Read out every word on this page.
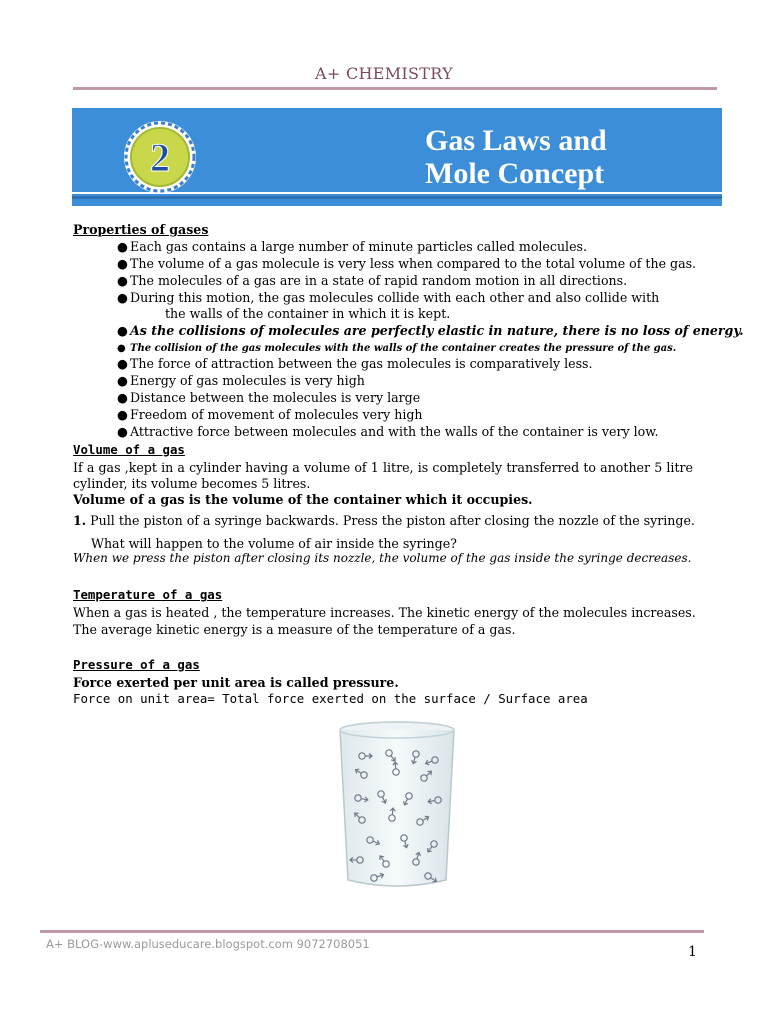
A+ CHEMISTRY
2	Gas Laws and
Mole Concept
Properties of gases
● Each gas contains a large number of minute particles called molecules.
● The volume of a gas molecule is very less when compared to the total volume of the gas.
● The molecules of a gas are in a state of rapid random motion in all directions.
● During this motion, the gas molecules collide with each other and also collide with
the walls of the container in which it is kept.
● As the collisions of molecules are perfectly elastic in nature, there is no loss of energy.
● The collision of the gas molecules with the walls of the container creates the pressure of the gas.
● The force of attraction between the gas molecules is comparatively less.
● Energy of gas molecules is very high
● Distance between the molecules is very large
● Freedom of movement of molecules very high
● Attractive force between molecules and with the walls of the container is very low.
Volume of a gas
If a gas ,kept in a cylinder having a volume of 1 litre, is completely transferred to another 5 litre
cylinder, its volume becomes 5 litres.
Volume of a gas is the volume of the container which it occupies.
1. Pull the piston of a syringe backwards. Press the piston after closing the nozzle of the syringe.
What will happen to the volume of air inside the syringe?
When we press the piston after closing its nozzle, the volume of the gas inside the syringe decreases.
Temperature of a gas
When a gas is heated , the temperature increases. The kinetic energy of the molecules increases.
The average kinetic energy is a measure of the temperature of a gas.
Pressure of a gas
Force exerted per unit area is called pressure.
Force on unit area= Total force exerted on the surface / Surface area
A+ BLOG-www.apluseducare.blogspot.com 9072708051	1
